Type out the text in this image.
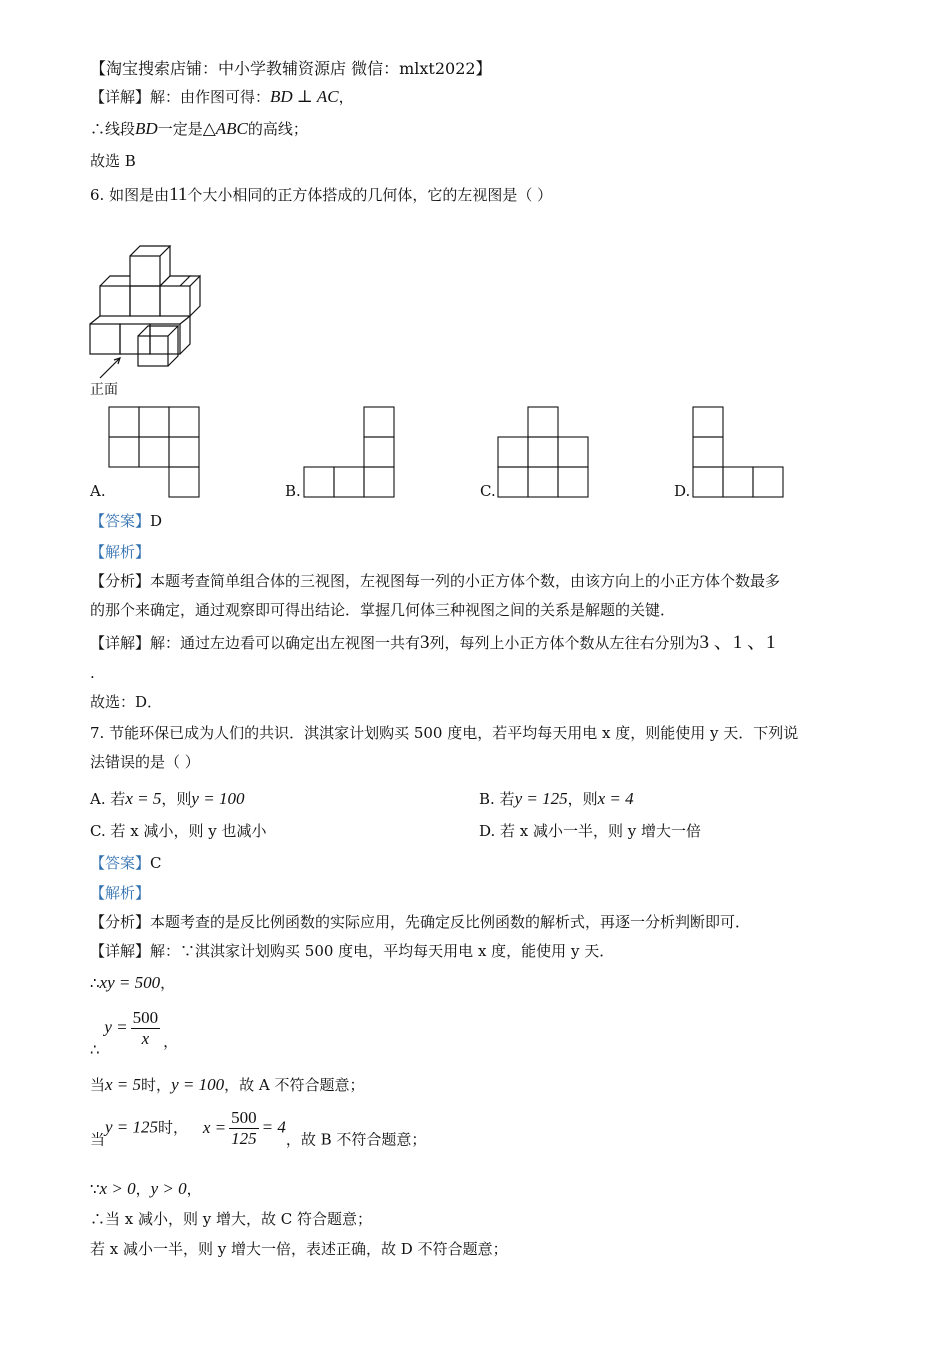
【淘宝搜索店铺：中小学教辅资源店 微信：mlxt2022】
【详解】解：由作图可得：BD ⊥ AC，
∴线段BD一定是△ABC的高线；
故选 B
6. 如图是由11个大小相同的正方体搭成的几何体，它的左视图是（ ）
正面
A.	B.	C.	D.
【答案】D
【解析】
【分析】本题考查简单组合体的三视图，左视图每一列的小正方体个数，由该方向上的小正方体个数最多
的那个来确定，通过观察即可得出结论．掌握几何体三种视图之间的关系是解题的关键．
【详解】解：通过左边看可以确定出左视图一共有3列，每列上小正方体个数从左往右分别为3 、1 、1
.
故选：D．
7. 节能环保已成为人们的共识．淇淇家计划购买 500 度电，若平均每天用电 x 度，则能使用 y 天．下列说
法错误的是（ ）
A. 若x = 5，则y = 100	B. 若y = 125，则x = 4
C. 若 x 减小，则 y 也减小	D. 若 x 减小一半，则 y 增大一倍
【答案】C
【解析】
【分析】本题考查的是反比例函数的实际应用，先确定反比例函数的解析式，再逐一分析判断即可．
【详解】解：∵淇淇家计划购买 500 度电，平均每天用电 x 度，能使用 y 天．
∴xy = 500，
∴ $y = \frac{500}{x}$ ，
当x = 5时，y = 100，故 A 不符合题意；
当y = 125时， $x = \frac{500}{125} = 4$，故 B 不符合题意；
∵x > 0，y > 0，
∴当 x 减小，则 y 增大，故 C 符合题意；
若 x 减小一半，则 y 增大一倍，表述正确，故 D 不符合题意；
